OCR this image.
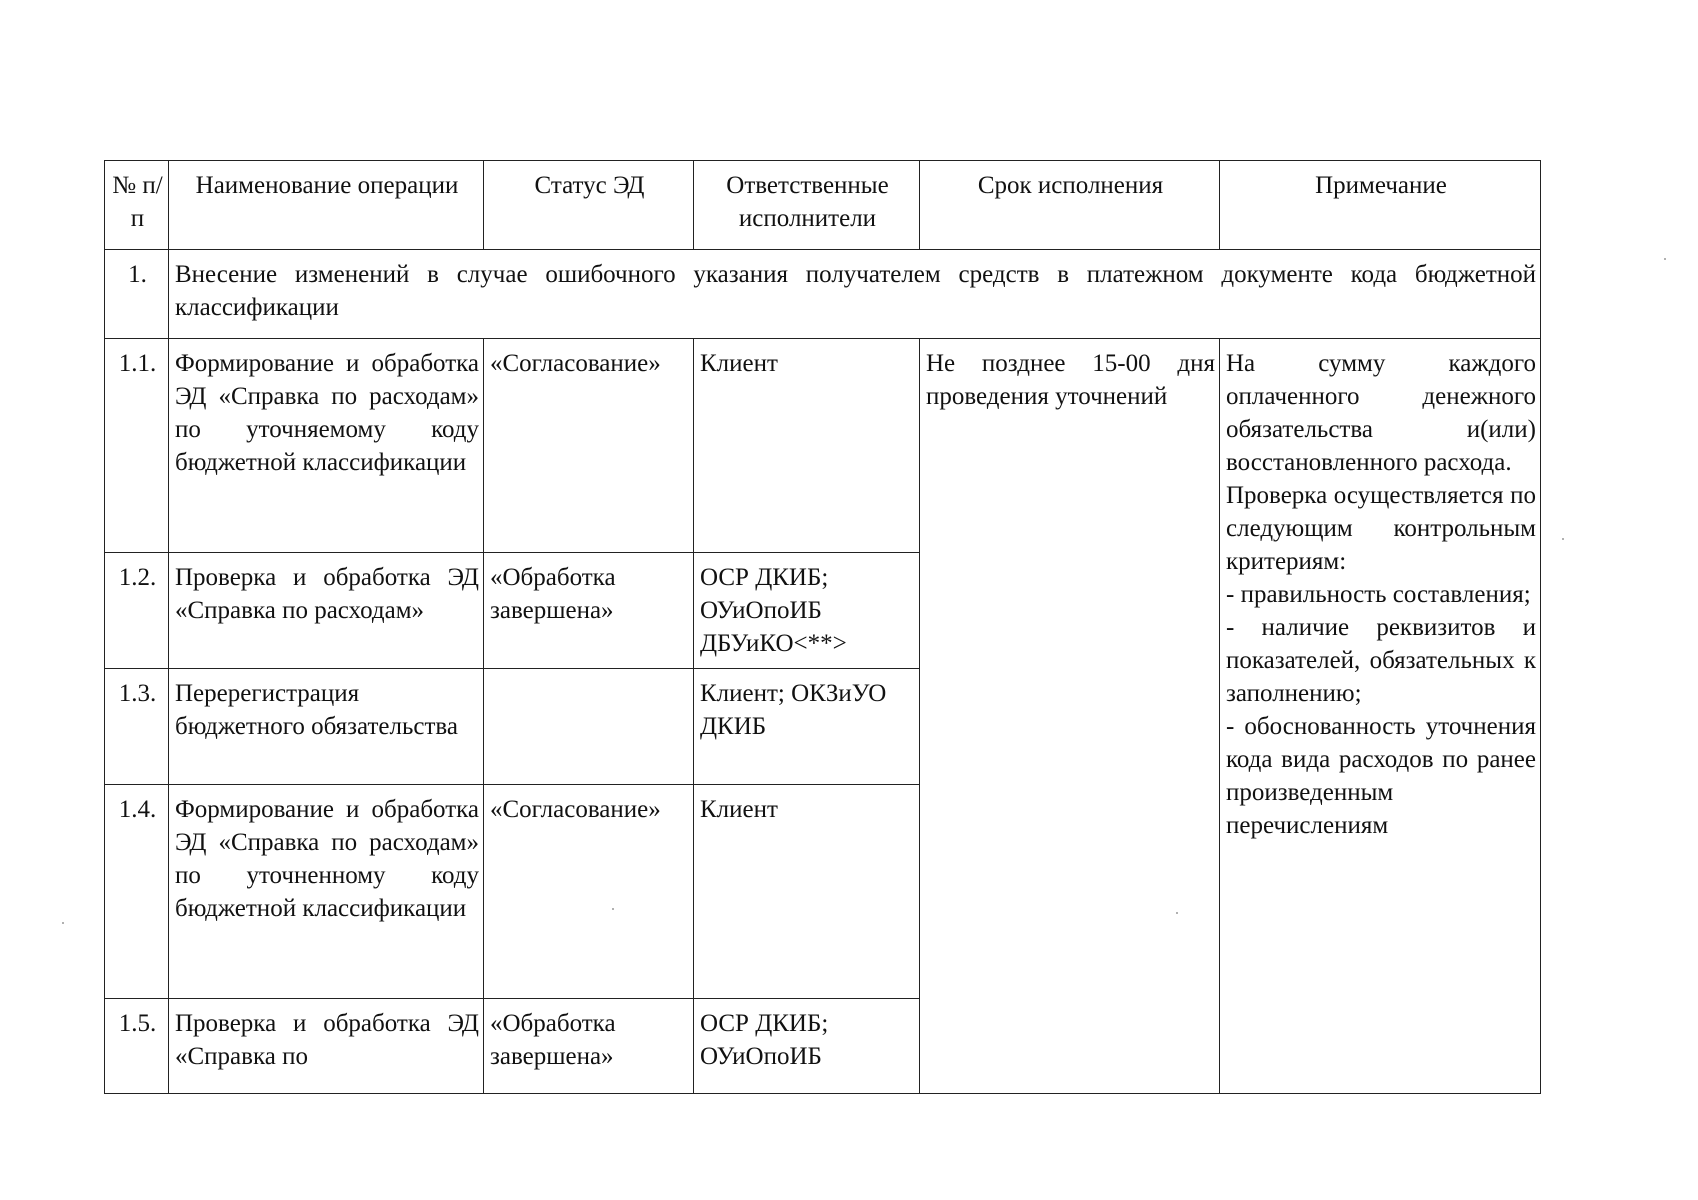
№ п/п	Наименование операции	Статус ЭД	Ответственные исполнители	Срок исполнения	Примечание
1.	Внесение изменений в случае ошибочного указания получателем средств в платежном документе кода бюджетной классификации				
1.1.	Формирование и обработка ЭД «Справка по расходам» по уточняемому коду бюджетной классификации	«Согласование»	Клиент	Не позднее 15-00 дня проведения уточнений	На сумму каждого оплаченного денежного обязательства и(или) восстановленного расхода.
Проверка осуществляется по следующим контрольным критериям:
- правильность составления;
- наличие реквизитов и показателей, обязательных к заполнению;
- обоснованность уточнения кода вида расходов по ранее произведенным перечислениям

1.2.	Проверка и обработка ЭД «Справка по расходам»	«Обработка завершена»	ОСР ДКИБ; ОУиОпоИБ ДБУиКО<**>		
1.3.	Перерегистрация бюджетного обязательства		Клиент; ОКЗиУО ДКИБ		
1.4.	Формирование и обработка ЭД «Справка по расходам» по уточненному коду бюджетной классификации	«Согласование»	Клиент		
1.5.	Проверка и обработка ЭД «Справка по	«Обработка завершена»	ОСР ДКИБ; ОУиОпоИБ		
